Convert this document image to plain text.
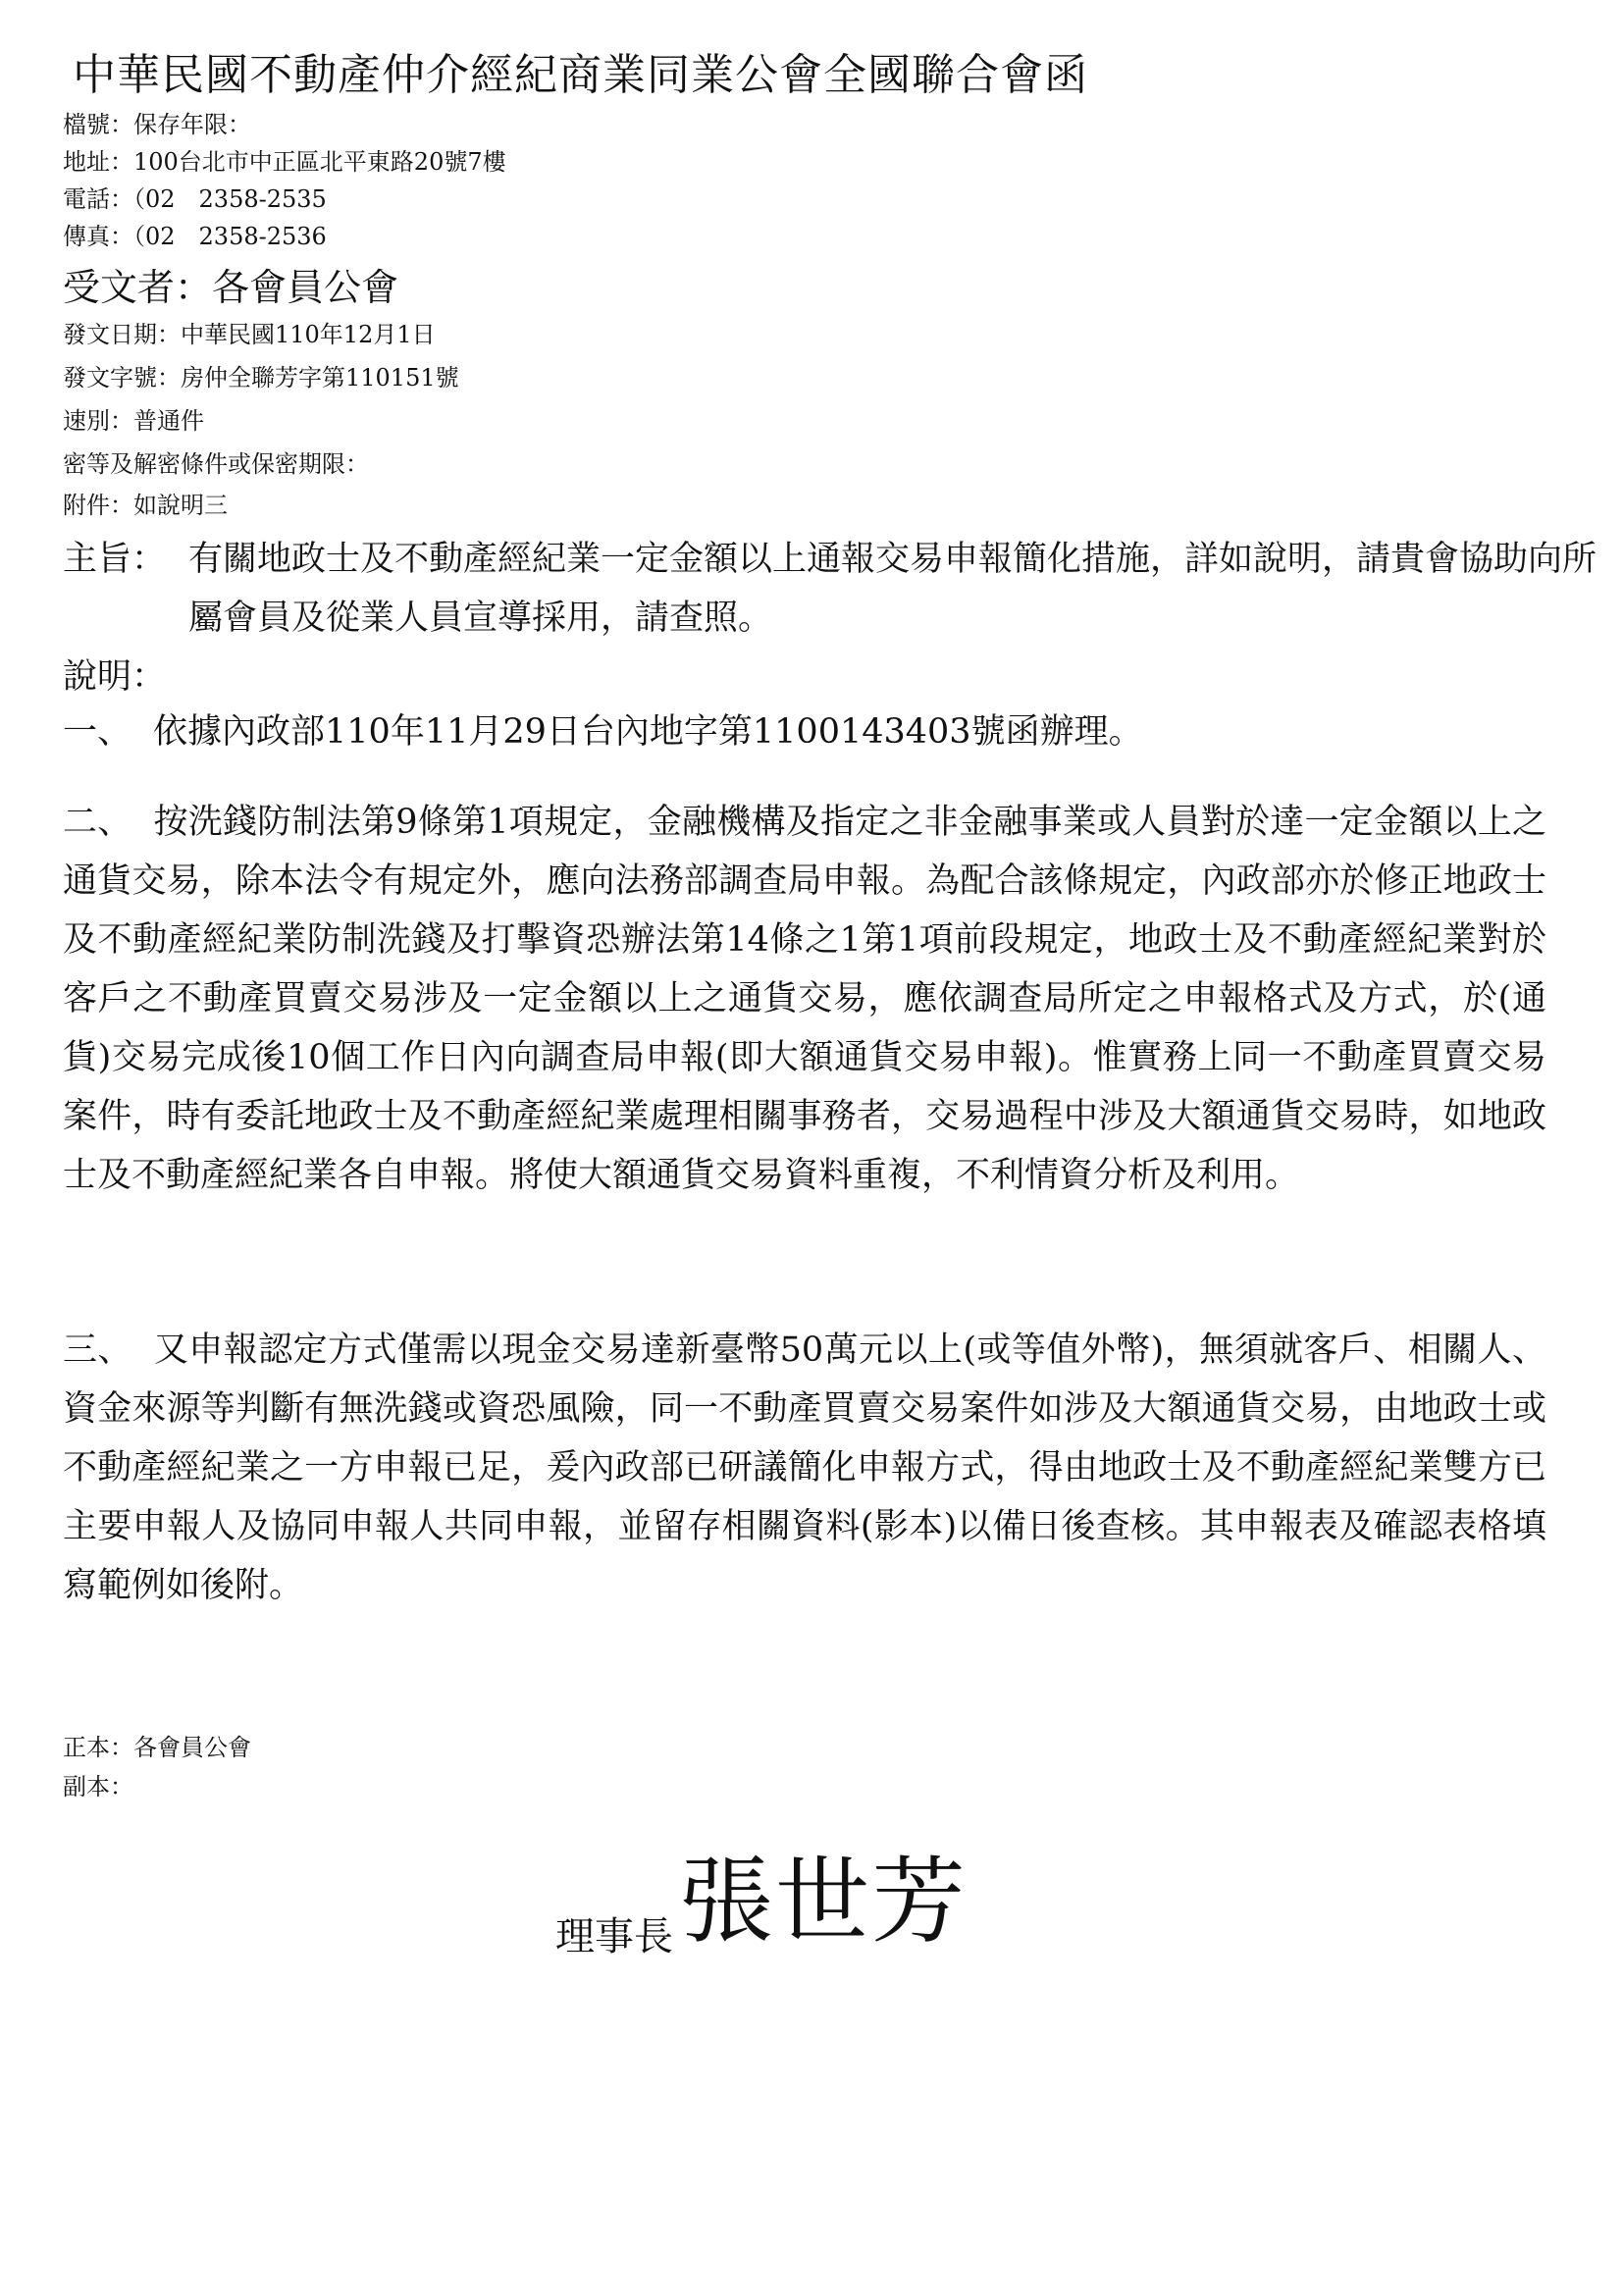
中華民國不動產仲介經紀商業同業公會全國聯合會函
檔號：保存年限：
地址：100台北市中正區北平東路20號7樓
電話：（02　2358-2535
傳真：（02　2358-2536
受文者：各會員公會
發文日期：中華民國110年12月1日
發文字號：房仲全聯芳字第110151號
速別：普通件
密等及解密條件或保密期限：
附件：如說明三
主旨： 有關地政士及不動產經紀業一定金額以上通報交易申報簡化措施，詳如說明，請貴會協助向所屬會員及從業人員宣導採用，請查照。
說明：
一、 依據內政部110年11月29日台內地字第1100143403號函辦理。
二、 按洗錢防制法第9條第1項規定，金融機構及指定之非金融事業或人員對於達一定金額以上之通貨交易，除本法令有規定外，應向法務部調查局申報。為配合該條規定，內政部亦於修正地政士及不動產經紀業防制洗錢及打擊資恐辦法第14條之1第1項前段規定，地政士及不動產經紀業對於客戶之不動產買賣交易涉及一定金額以上之通貨交易，應依調查局所定之申報格式及方式，於(通貨)交易完成後10個工作日內向調查局申報(即大額通貨交易申報)。惟實務上同一不動產買賣交易案件，時有委託地政士及不動產經紀業處理相關事務者，交易過程中涉及大額通貨交易時，如地政士及不動產經紀業各自申報。將使大額通貨交易資料重複，不利情資分析及利用。
三、 又申報認定方式僅需以現金交易達新臺幣50萬元以上(或等值外幣)，無須就客戶、相關人、資金來源等判斷有無洗錢或資恐風險，同一不動產買賣交易案件如涉及大額通貨交易，由地政士或不動產經紀業之一方申報已足，爰內政部已研議簡化申報方式，得由地政士及不動產經紀業雙方已主要申報人及協同申報人共同申報，並留存相關資料(影本)以備日後查核。其申報表及確認表格填寫範例如後附。
正本：各會員公會
副本：
理事長張世芳
